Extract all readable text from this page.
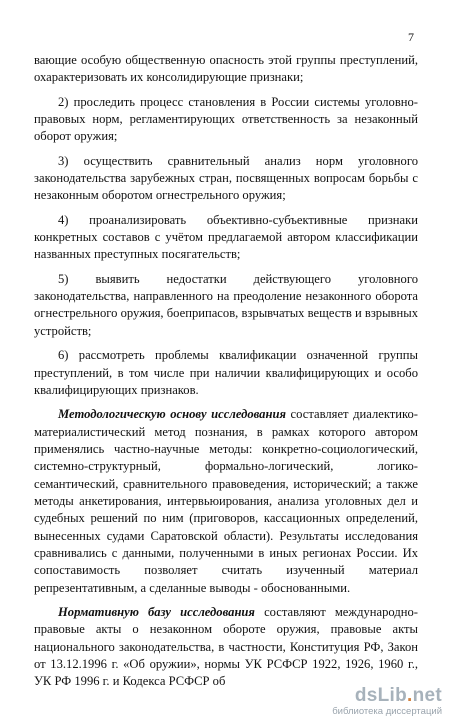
7

вающие особую общественную опасность этой группы преступлений, охарактеризовать их консолидирующие признаки;

2) проследить процесс становления в России системы уголовно-правовых норм, регламентирующих ответственность за незаконный оборот оружия;

3) осуществить сравнительный анализ норм уголовного законодательства зарубежных стран, посвященных вопросам борьбы с незаконным оборотом огнестрельного оружия;

4) проанализировать объективно-субъективные признаки конкретных составов с учётом предлагаемой автором классификации названных преступных посягательств;

5) выявить недостатки действующего уголовного законодательства, направленного на преодоление незаконного оборота огнестрельного оружия, боеприпасов, взрывчатых веществ и взрывных устройств;

6) рассмотреть проблемы квалификации означенной группы преступлений, в том числе при наличии квалифицирующих и особо квалифицирующих признаков.

Методологическую основу исследования составляет диалектико-материалистический метод познания, в рамках которого автором применялись частно-научные методы: конкретно-социологический, системно-структурный, формально-логический, логико-семантический, сравнительного правоведения, исторический; а также методы анкетирования, интервьюирования, анализа уголовных дел и судебных решений по ним (приговоров, кассационных определений, вынесенных судами Саратовской области). Результаты исследования сравнивались с данными, полученными в иных регионах России. Их сопоставимость позволяет считать изученный материал репрезентативным, а сделанные выводы - обоснованными.

Нормативную базу исследования составляют международно-правовые акты о незаконном обороте оружия, правовые акты национального законодательства, в частности, Конституция РФ, Закон от 13.12.1996 г. «Об оружии», нормы УК РСФСР 1922, 1926, 1960 г., УК РФ 1996 г. и Кодекса РСФСР об

dsLib.net
библиотека диссертаций
